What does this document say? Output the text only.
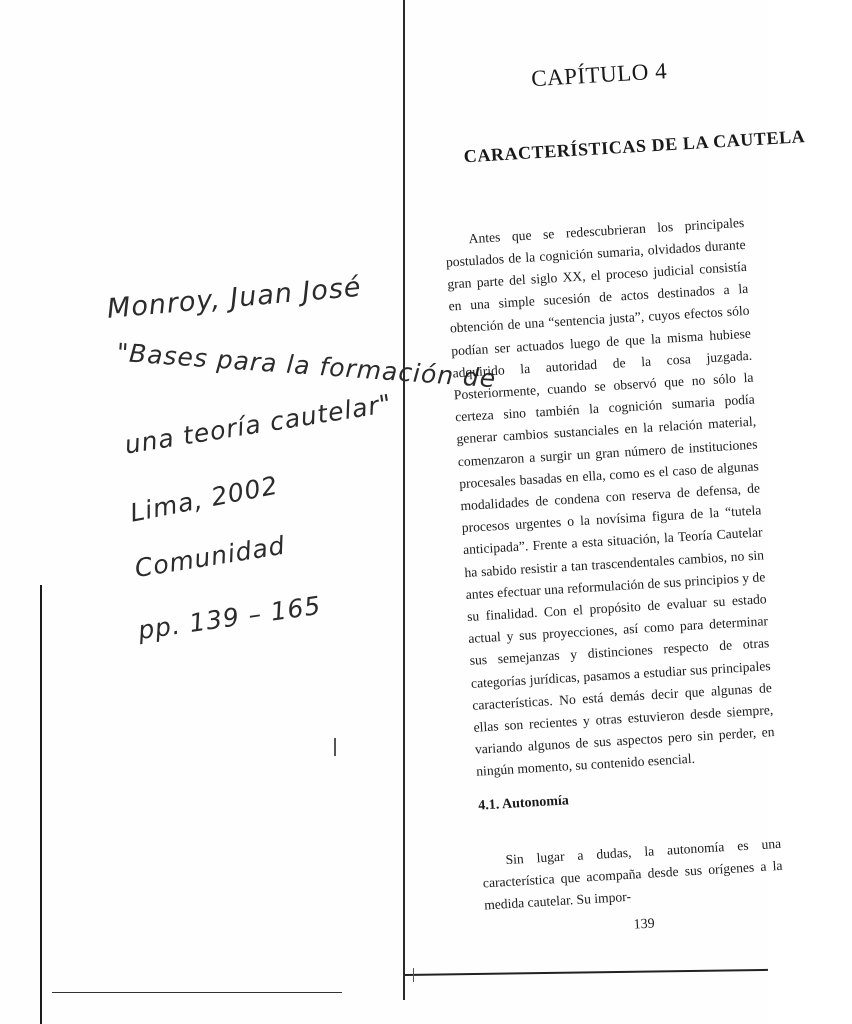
Monroy, Juan José
"Bases para la formación de
una teoría cautelar"
Lima, 2002
Comunidad
pp. 139 – 165
CAPÍTULO 4
CARACTERÍSTICAS DE LA CAUTELA

Antes que se redescubrieran los principales postulados de la cognición sumaria, olvidados durante gran parte del siglo XX, el proceso judicial consistía en una simple sucesión de actos destinados a la obtención de una “sentencia justa”, cuyos efectos sólo podían ser actuados luego de que la misma hubiese adquirido la autoridad de la cosa juzgada. Posteriormente, cuando se observó que no sólo la certeza sino también la cognición sumaria podía generar cambios sustanciales en la relación material, comenzaron a surgir un gran número de instituciones procesales basadas en ella, como es el caso de algunas modalidades de condena con reserva de defensa, de procesos urgentes o la novísima figura de la “tutela anticipada”. Frente a esta situación, la Teoría Cautelar ha sabido resistir a tan trascendentales cambios, no sin antes efectuar una reformulación de sus principios y de su finalidad. Con el propósito de evaluar su estado actual y sus proyecciones, así como para determinar sus semejanzas y distinciones respecto de otras categorías jurídicas, pasamos a estudiar sus principales características. No está demás decir que algunas de ellas son recientes y otras estuvieron desde siempre, variando algunos de sus aspectos pero sin perder, en ningún momento, su contenido esencial.

4.1. Autonomía

Sin lugar a dudas, la autonomía es una característica que acompaña desde sus orígenes a la medida cautelar. Su impor-

139
